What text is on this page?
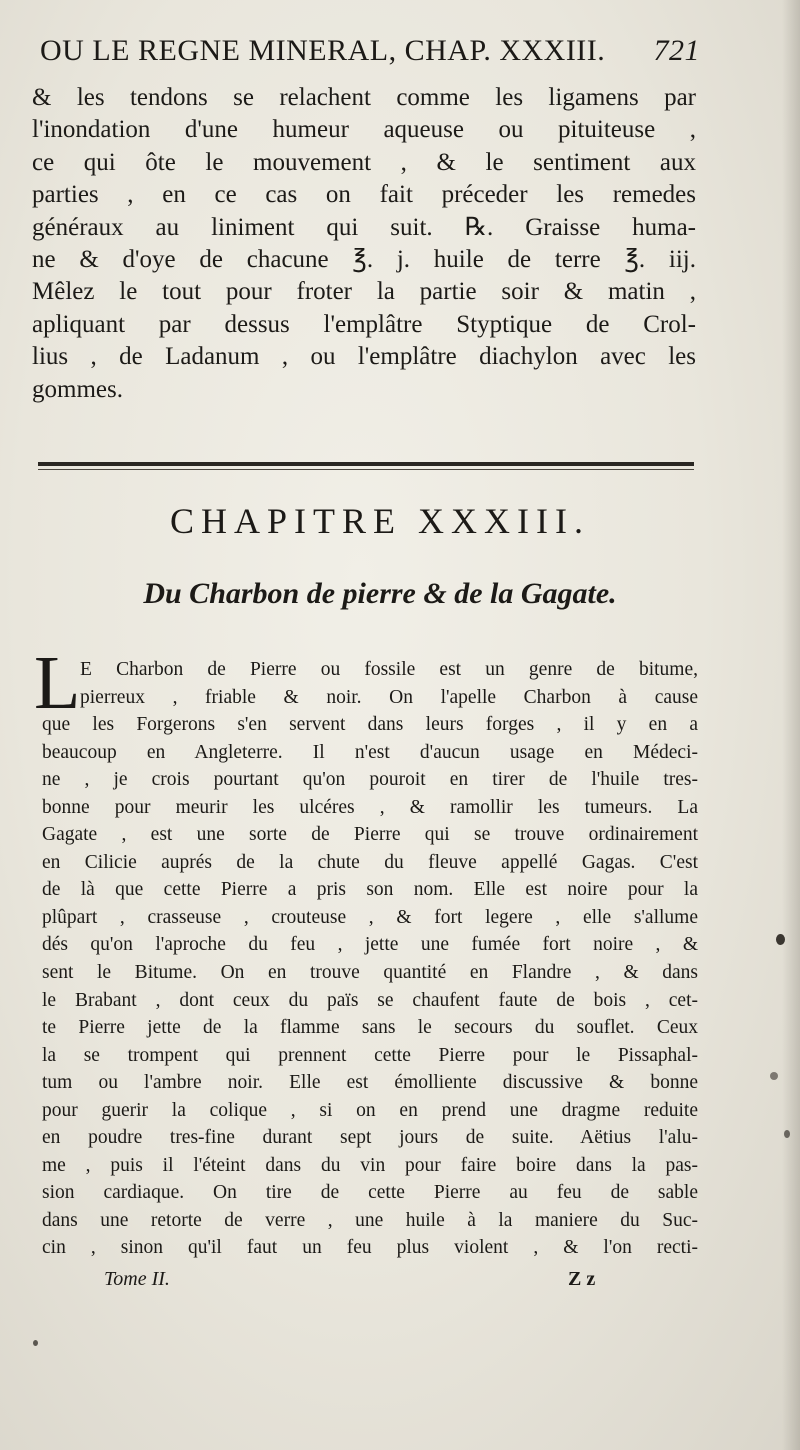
OU LE REGNE MINERAL, CHAP. XXXIII. 721
& les tendons se relachent comme les ligamens par
l'inondation d'une humeur aqueuse ou pituiteuse ,
ce qui ôte le mouvement , & le sentiment aux
parties , en ce cas on fait préceder les remedes
généraux au liniment qui suit. ℞. Graisse huma-
ne & d'oye de chacune ℥. j. huile de terre ℥. iij.
Mêlez le tout pour froter la partie soir & matin ,
apliquant par dessus l'emplâtre Styptique de Crol-
lius , de Ladanum , ou l'emplâtre diachylon avec les
gommes.
CHAPITRE XXXIII.
Du Charbon de pierre & de la Gagate.
L E Charbon de Pierre ou fossile est un genre de bitume,
pierreux , friable & noir. On l'apelle Charbon à cause
que les Forgerons s'en servent dans leurs forges , il y en a
beaucoup en Angleterre. Il n'est d'aucun usage en Médeci-
ne , je crois pourtant qu'on pouroit en tirer de l'huile tres-
bonne pour meurir les ulcéres , & ramollir les tumeurs. La
Gagate , est une sorte de Pierre qui se trouve ordinairement
en Cilicie auprés de la chute du fleuve appellé Gagas. C'est
de là que cette Pierre a pris son nom. Elle est noire pour la
plûpart , crasseuse , crouteuse , & fort legere , elle s'allume
dés qu'on l'aproche du feu , jette une fumée fort noire , &
sent le Bitume. On en trouve quantité en Flandre , & dans
le Brabant , dont ceux du païs se chaufent faute de bois , cet-
te Pierre jette de la flamme sans le secours du souflet. Ceux
la se trompent qui prennent cette Pierre pour le Pissaphal-
tum ou l'ambre noir. Elle est émolliente discussive & bonne
pour guerir la colique , si on en prend une dragme reduite
en poudre tres-fine durant sept jours de suite. Aëtius l'alu-
me , puis il l'éteint dans du vin pour faire boire dans la pas-
sion cardiaque. On tire de cette Pierre au feu de sable
dans une retorte de verre , une huile à la maniere du Suc-
cin , sinon qu'il faut un feu plus violent , & l'on recti-
Tome II.	Z z
